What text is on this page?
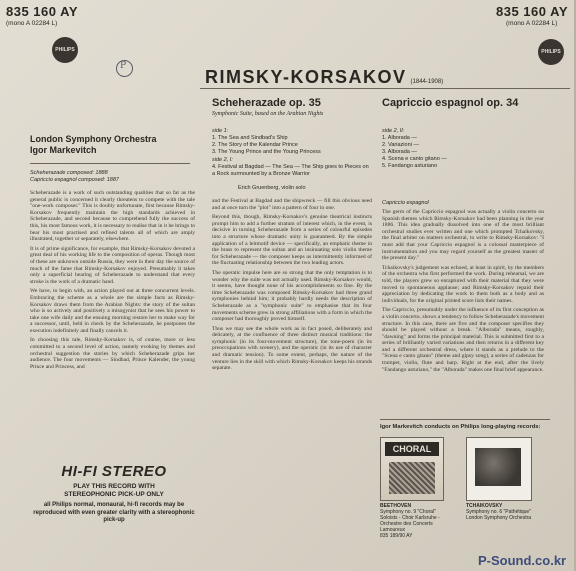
835 160 AY
(mono A 02284 L)
PHILIPS
835 160 AY
(mono A 02284 L)
PHILIPS
P
RIMSKY-KORSAKOV (1844-1908)
London Symphony Orchestra
Igor Markevitch
Scheherazade composed: 1888
Capriccio espagnol composed: 1887

Scheherazade is a work of such outstanding qualities that so far as the general public is concerned it clearly threatens to compete with the tale "one-work composer." This is doubly unfortunate, first because Rimsky-Korsakov frequently maintain the high standards achieved in Scheherazade, and second because to comprehend fully the success of this, his most famous work, it is necessary to realise that in it he brings to bear his most practised and refined talents all of which are amply illustrated, together or separately, elsewhere.

It is of prime significance, for example, that Rimsky-Korsakov devoted a great deal of his working life to the composition of operas. Though most of these are unknown outside Russia, they were in their day the source of much of the fame that Rimsky-Korsakov enjoyed. Presumably it takes only a superficial hearing of Scheherazade to understand that every stroke is the work of a dramatic hand.

We have, to begin with, an action played out at three concurrent levels. Embracing the scheme as a whole are the simple facts as Rimsky-Korsakov draws them from the Arabian Nights: the story of the sultan who is so actively and positively a misogynist that he sees his power to take one wife daily and the ensuing morning restore her to make way for a successor, until, held in check by the Scheherazade, he postpones the execution indefinitely and finally cancels it.

In choosing this tale, Rimsky-Korsakov is, of course, more or less committed to a second level of action, namely evoking by themes and orchestral suggestion the stories by which Scheherazade grips her audience. The four movements — Sindbad, Prince Kalender, the young Prince and Princess, and

HI-FI STEREO
PLAY THIS RECORD WITH
STEREOPHONIC PICK-UP ONLY
all Philips normal, monaural, hi-fi records may be reproduced with even greater clarity with a stereophonic pick-up
Scheherazade op. 35
Symphonic Suite, based on the Arabian Nights
side 1:
1. The Sea and Sindbad's Ship
2. The Story of the Kalendar Prince
3. The Young Prince and the Young Princess
side 2, I:
4. Festival at Bagdad — The Sea — The Ship goes to Pieces on a Rock surmounted by a Bronze Warrior
Erich Gruenberg, violin solo

and the Festival at Bagdad and the shipwreck — fill this obvious need and at once turn the "plot" into a pattern of four in one.

Beyond this, though, Rimsky-Korsakov's genuine theatrical instincts prompt him to add a further stratum of interest which, in the event, is decisive in turning Scheherazade from a series of colourful episodes into a structure whose dramatic unity is guaranteed. By the simple application of a leitmotif device — specifically, an emphatic theme in the brass to represent the sultan and an insinuating solo violin theme for Scheherazade — the composer keeps us intermittently informed of the fluctuating relationship between the two leading actors.

The operatic impulse here are so strong that the only temptation is to wonder why the suite was not actually used. Rimsky-Korsakov would, it seems, have thought none of his accomplishments so fine. By the time Scheherazade was composed Rimsky-Korsakov had three grand symphonies behind him; it probably hardly needs the description of Scheherazade as a "symphonic suite" to emphasise that its four movements scheme grew in strong affiliations with a form in which the composer had thoroughly proved himself.

Thus we may see the whole work as in fact posed, deliberately and delicately, at the confluence of three distinct musical traditions: the symphonic (in its four-movement structure), the tone-poem (in its preoccupations with scenery), and the operatic (in its use of character and dramatic tension). To some extent, perhaps, the nature of the venture lies in the skill with which Rimsky-Korsakov keeps his strands separate.

Capriccio espagnol op. 34
side 2, II:
1. Alborada —
2. Variazioni —
3. Alborada —
4. Scena e canto gitano —
5. Fandango asturiano
Capriccio espagnol

The germ of the Capriccio espagnol was actually a violin concerto on Spanish themes which Rimsky-Korsakov had been planning in the year 1886. This idea gradually dissolved into one of the most brilliant orchestral studies ever written and one which prompted Tchaikovsky, the final arbiter on matters orchestral, to write to Rimsky-Korsakov: "I must add that your Capriccio espagnol is a colossal masterpiece of instrumentation and you may regard yourself as the greatest master of the present day."

Tchaikovsky's judgement was echoed, at least in spirit, by the members of the orchestra who first performed the work. During rehearsal, we are told, the players grew so enraptured with their material that they were moved to spontaneous applause; and Rimsky-Korsakov repaid their appreciation by dedicating the work to them both as a body and as individuals, for the original printed score lists their names.

The Capriccio, presumably under the influence of its first conception as a violin concerto, shows a tendency to follow Scheherazade's movement structure. In this case, there are five and the composer specifies they should be played without a break. "Alborada" means, roughly, "dawning" and forms the principal material. This is submitted first to a series of brilliantly varied variations and then returns in a different key and a different orchestral dress, where it stands as a prelude to the "Scena e canto gitano" (theme and gipsy song), a series of cadenzas for trumpet, violin, flute and harp. Right at the end, after the lively "Fandango asturiano," the "Alborada" makes one final brief appearance.

Igor Markevitch conducts on Philips long-playing records:
CHORAL
BEETHOVEN
Symphony no. 9 "Choral"
Soloists - Choir Karlsruhe - Orchestre des Concerts Lamoureux
835 189/90 AY
TCHAIKOVSKY
Symphony no. 6 "Pathétique"
London Symphony Orchestra
P-Sound.co.kr
